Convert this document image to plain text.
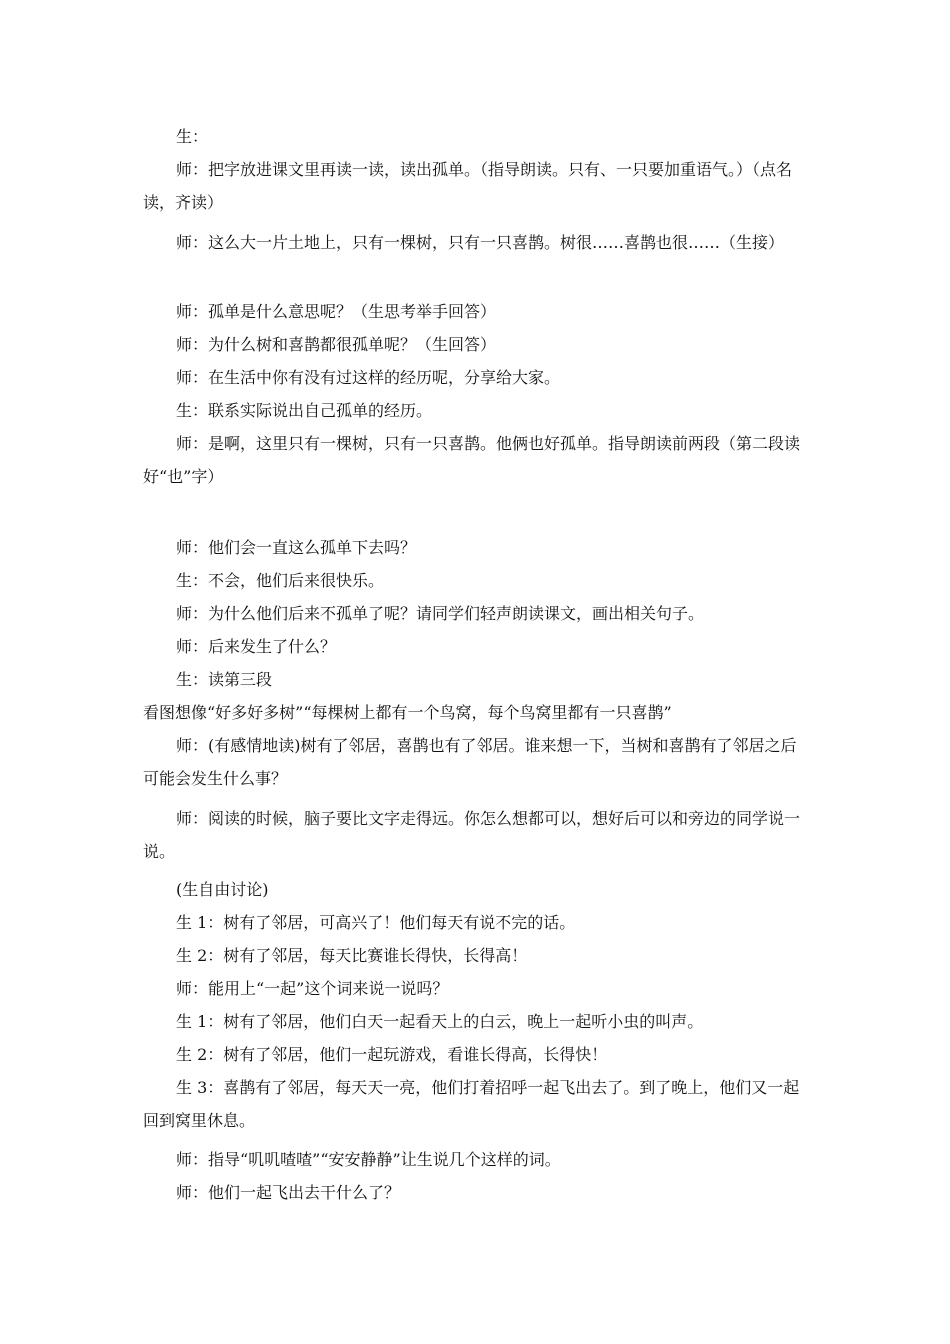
生：

师：把字放进课文里再读一读，读出孤单。（指导朗读。只有、一只要加重语气。）（点名读，齐读）

师：这么大一片土地上，只有一棵树，只有一只喜鹊。树很……喜鹊也很……（生接）

师：孤单是什么意思呢？（生思考举手回答）

师：为什么树和喜鹊都很孤单呢？（生回答）

师：在生活中你有没有过这样的经历呢，分享给大家。

生：联系实际说出自己孤单的经历。

师：是啊，这里只有一棵树，只有一只喜鹊。他俩也好孤单。指导朗读前两段（第二段读好“也”字）

师：他们会一直这么孤单下去吗？

生：不会，他们后来很快乐。

师：为什么他们后来不孤单了呢？请同学们轻声朗读课文，画出相关句子。

师：后来发生了什么？

生：读第三段

看图想像“好多好多树”“每棵树上都有一个鸟窝，每个鸟窝里都有一只喜鹊”

师：(有感情地读)树有了邻居，喜鹊也有了邻居。谁来想一下，当树和喜鹊有了邻居之后可能会发生什么事？

师：阅读的时候，脑子要比文字走得远。你怎么想都可以，想好后可以和旁边的同学说一说。

(生自由讨论)

生 1：树有了邻居，可高兴了！他们每天有说不完的话。

生 2：树有了邻居，每天比赛谁长得快，长得高！

师：能用上“一起”这个词来说一说吗？

生 1：树有了邻居，他们白天一起看天上的白云，晚上一起听小虫的叫声。

生 2：树有了邻居，他们一起玩游戏，看谁长得高，长得快！

生 3：喜鹊有了邻居，每天天一亮，他们打着招呼一起飞出去了。到了晚上，他们又一起回到窝里休息。

师：指导“叽叽喳喳”“安安静静”让生说几个这样的词。

师：他们一起飞出去干什么了？
